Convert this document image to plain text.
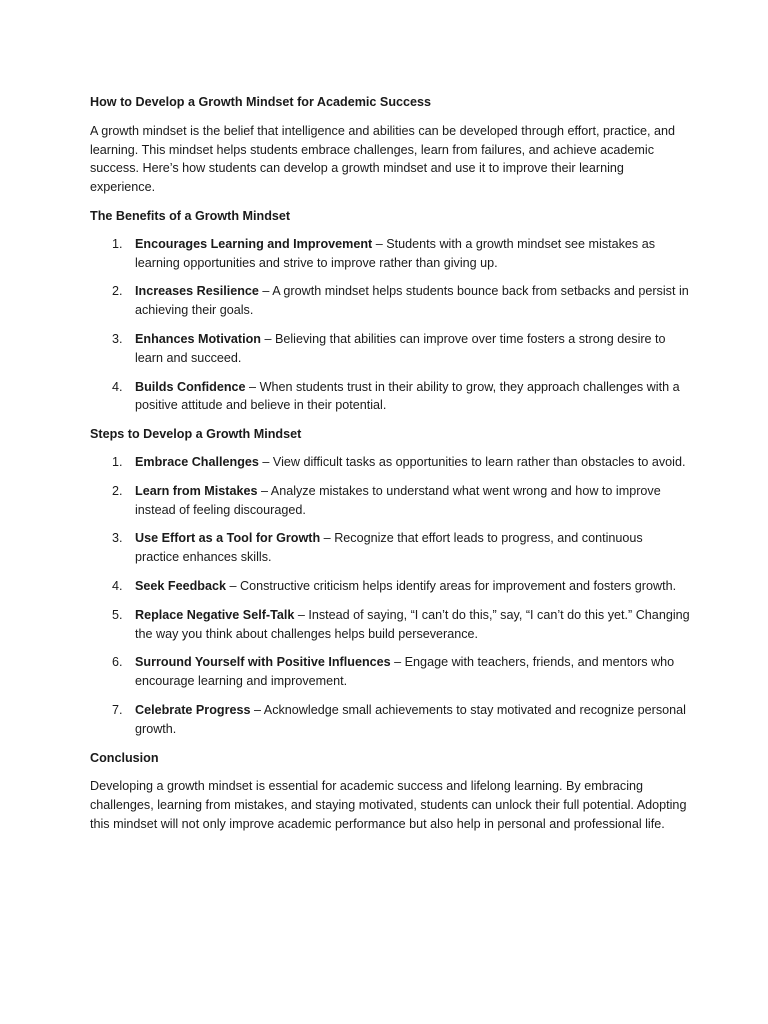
How to Develop a Growth Mindset for Academic Success

A growth mindset is the belief that intelligence and abilities can be developed through effort, practice, and learning. This mindset helps students embrace challenges, learn from failures, and achieve academic success. Here’s how students can develop a growth mindset and use it to improve their learning experience.

The Benefits of a Growth Mindset
1. Encourages Learning and Improvement – Students with a growth mindset see mistakes as learning opportunities and strive to improve rather than giving up.
2. Increases Resilience – A growth mindset helps students bounce back from setbacks and persist in achieving their goals.
3. Enhances Motivation – Believing that abilities can improve over time fosters a strong desire to learn and succeed.
4. Builds Confidence – When students trust in their ability to grow, they approach challenges with a positive attitude and believe in their potential.
Steps to Develop a Growth Mindset
1. Embrace Challenges – View difficult tasks as opportunities to learn rather than obstacles to avoid.
2. Learn from Mistakes – Analyze mistakes to understand what went wrong and how to improve instead of feeling discouraged.
3. Use Effort as a Tool for Growth – Recognize that effort leads to progress, and continuous practice enhances skills.
4. Seek Feedback – Constructive criticism helps identify areas for improvement and fosters growth.
5. Replace Negative Self-Talk – Instead of saying, “I can’t do this,” say, “I can’t do this yet.” Changing the way you think about challenges helps build perseverance.
6. Surround Yourself with Positive Influences – Engage with teachers, friends, and mentors who encourage learning and improvement.
7. Celebrate Progress – Acknowledge small achievements to stay motivated and recognize personal growth.
Conclusion

Developing a growth mindset is essential for academic success and lifelong learning. By embracing challenges, learning from mistakes, and staying motivated, students can unlock their full potential. Adopting this mindset will not only improve academic performance but also help in personal and professional life.
